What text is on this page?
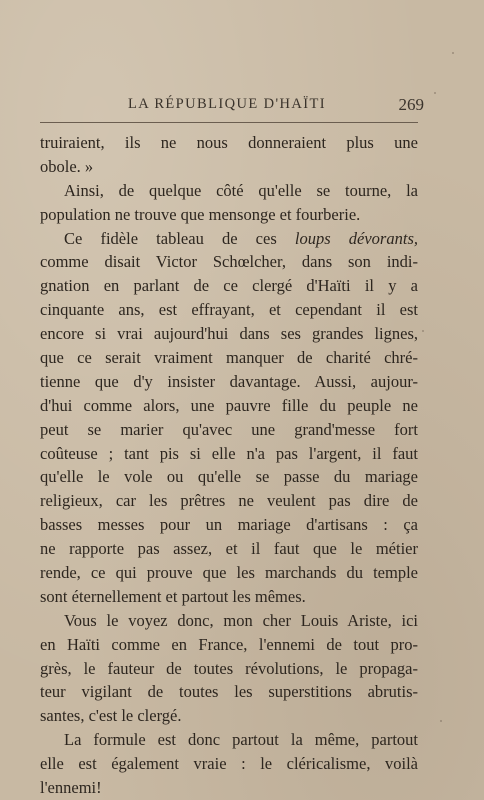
LA RÉPUBLIQUE D'HAÏTI	269
truiraient, ils ne nous donneraient plus une
obole. »
Ainsi, de quelque côté qu'elle se tourne, la
population ne trouve que mensonge et fourberie.
Ce fidèle tableau de ces loups dévorants,
comme disait Victor Schœlcher, dans son indi-
gnation en parlant de ce clergé d'Haïti il y a
cinquante ans, est effrayant, et cependant il est
encore si vrai aujourd'hui dans ses grandes lignes,
que ce serait vraiment manquer de charité chré-
tienne que d'y insister davantage. Aussi, aujour-
d'hui comme alors, une pauvre fille du peuple ne
peut se marier qu'avec une grand'messe fort
coûteuse ; tant pis si elle n'a pas l'argent, il faut
qu'elle le vole ou qu'elle se passe du mariage
religieux, car les prêtres ne veulent pas dire de
basses messes pour un mariage d'artisans : ça
ne rapporte pas assez, et il faut que le métier
rende, ce qui prouve que les marchands du temple
sont éternellement et partout les mêmes.
Vous le voyez donc, mon cher Louis Ariste, ici
en Haïti comme en France, l'ennemi de tout pro-
grès, le fauteur de toutes révolutions, le propaga-
teur vigilant de toutes les superstitions abrutis-
santes, c'est le clergé.
La formule est donc partout la même, partout
elle est également vraie : le cléricalisme, voilà
l'ennemi!
